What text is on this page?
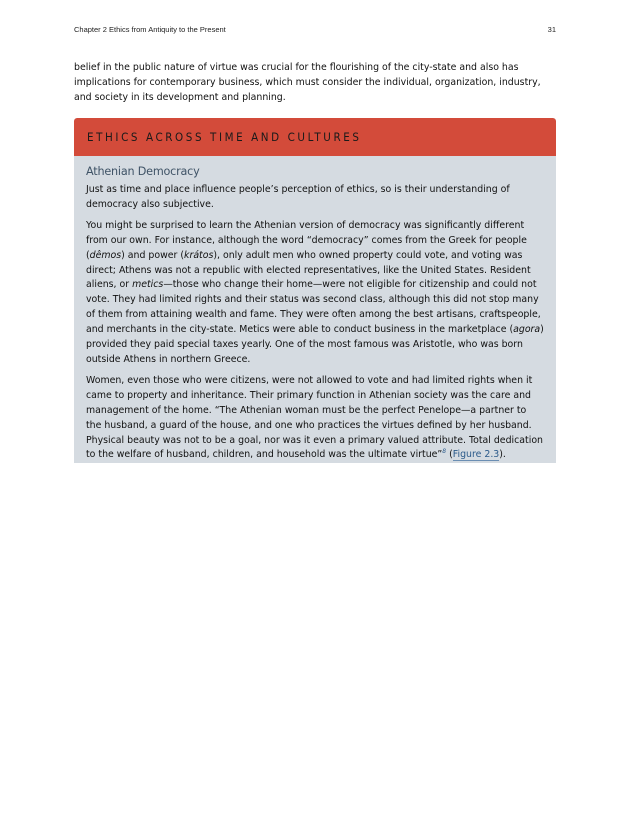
Chapter 2 Ethics from Antiquity to the Present	31

belief in the public nature of virtue was crucial for the flourishing of the city-state and also has implications for contemporary business, which must consider the individual, organization, industry, and society in its development and planning.

ETHICS ACROSS TIME AND CULTURES
Athenian Democracy

Just as time and place influence people’s perception of ethics, so is their understanding of democracy also subjective.

You might be surprised to learn the Athenian version of democracy was significantly different from our own. For instance, although the word “democracy” comes from the Greek for people (dêmos) and power (krátos), only adult men who owned property could vote, and voting was direct; Athens was not a republic with elected representatives, like the United States. Resident aliens, or metics—those who change their home—were not eligible for citizenship and could not vote. They had limited rights and their status was second class, although this did not stop many of them from attaining wealth and fame. They were often among the best artisans, craftspeople, and merchants in the city-state. Metics were able to conduct business in the marketplace (agora) provided they paid special taxes yearly. One of the most famous was Aristotle, who was born outside Athens in northern Greece.

Women, even those who were citizens, were not allowed to vote and had limited rights when it came to property and inheritance. Their primary function in Athenian society was the care and management of the home. “The Athenian woman must be the perfect Penelope—a partner to the husband, a guard of the house, and one who practices the virtues defined by her husband. Physical beauty was not to be a goal, nor was it even a primary valued attribute. Total dedication to the welfare of husband, children, and household was the ultimate virtue”$^8$ (Figure 2.3).
